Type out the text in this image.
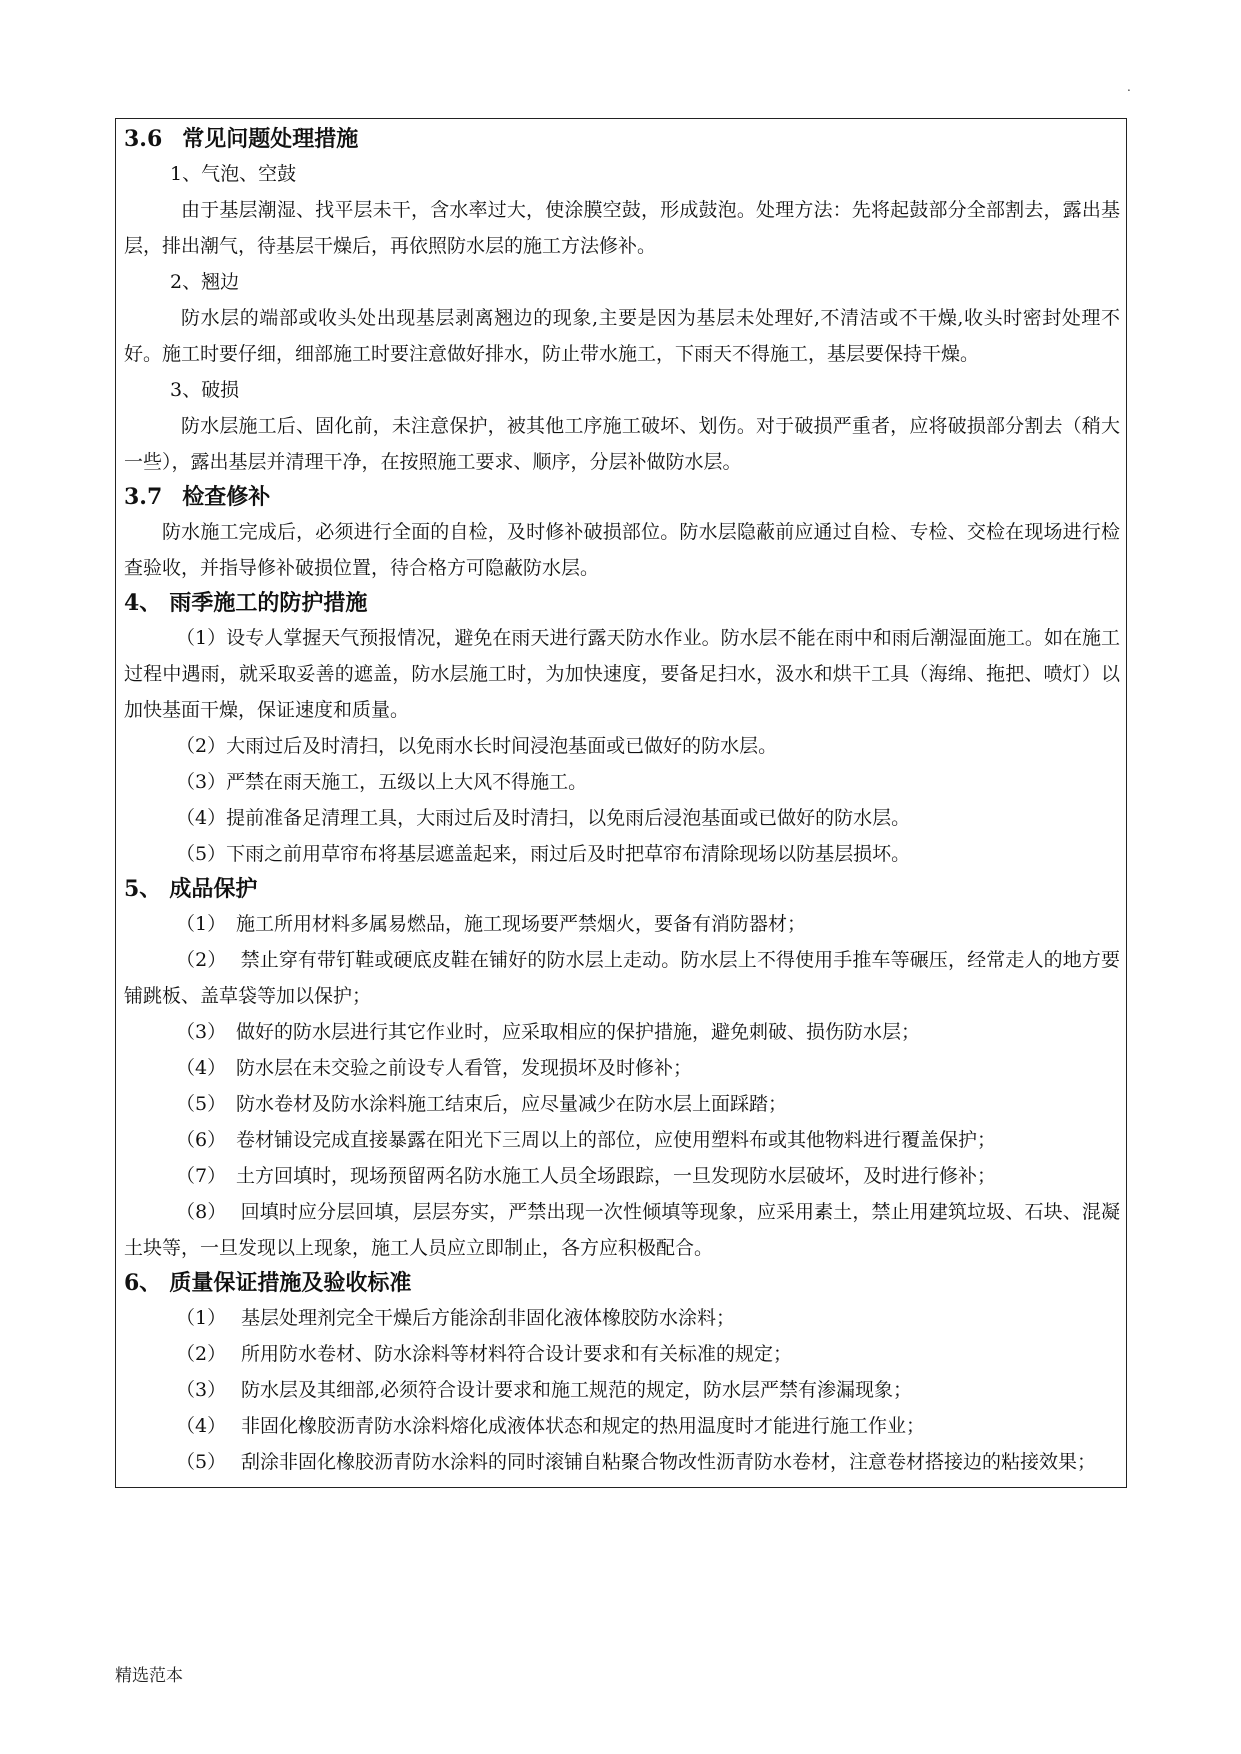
.
3.6 常见问题处理措施
1、气泡、空鼓
由于基层潮湿、找平层未干，含水率过大，使涂膜空鼓，形成鼓泡。处理方法：先将起鼓部分全部割去，露出基层，排出潮气，待基层干燥后，再依照防水层的施工方法修补。
2、翘边
防水层的端部或收头处出现基层剥离翘边的现象,主要是因为基层未处理好,不清洁或不干燥,收头时密封处理不好。施工时要仔细，细部施工时要注意做好排水，防止带水施工，下雨天不得施工，基层要保持干燥。
3、破损
防水层施工后、固化前，未注意保护，被其他工序施工破坏、划伤。对于破损严重者，应将破损部分割去（稍大一些），露出基层并清理干净，在按照施工要求、顺序，分层补做防水层。
3.7 检查修补
防水施工完成后，必须进行全面的自检，及时修补破损部位。防水层隐蔽前应通过自检、专检、交检在现场进行检查验收，并指导修补破损位置，待合格方可隐蔽防水层。
4、 雨季施工的防护措施
（1）设专人掌握天气预报情况，避免在雨天进行露天防水作业。防水层不能在雨中和雨后潮湿面施工。如在施工过程中遇雨，就采取妥善的遮盖，防水层施工时，为加快速度，要备足扫水，汲水和烘干工具（海绵、拖把、喷灯）以加快基面干燥，保证速度和质量。
（2）大雨过后及时清扫，以免雨水长时间浸泡基面或已做好的防水层。
（3）严禁在雨天施工，五级以上大风不得施工。
（4）提前准备足清理工具，大雨过后及时清扫，以免雨后浸泡基面或已做好的防水层。
（5）下雨之前用草帘布将基层遮盖起来，雨过后及时把草帘布清除现场以防基层损坏。
5、 成品保护
（1） 施工所用材料多属易燃品，施工现场要严禁烟火，要备有消防器材；
（2） 禁止穿有带钉鞋或硬底皮鞋在铺好的防水层上走动。防水层上不得使用手推车等碾压，经常走人的地方要铺跳板、盖草袋等加以保护；
（3） 做好的防水层进行其它作业时，应采取相应的保护措施，避免刺破、损伤防水层；
（4） 防水层在未交验之前设专人看管，发现损坏及时修补；
（5） 防水卷材及防水涂料施工结束后，应尽量减少在防水层上面踩踏；
（6） 卷材铺设完成直接暴露在阳光下三周以上的部位，应使用塑料布或其他物料进行覆盖保护；
（7） 土方回填时，现场预留两名防水施工人员全场跟踪，一旦发现防水层破坏，及时进行修补；
（8） 回填时应分层回填，层层夯实，严禁出现一次性倾填等现象，应采用素土，禁止用建筑垃圾、石块、混凝土块等，一旦发现以上现象，施工人员应立即制止，各方应积极配合。
6、 质量保证措施及验收标准
（1） 基层处理剂完全干燥后方能涂刮非固化液体橡胶防水涂料；
（2） 所用防水卷材、防水涂料等材料符合设计要求和有关标准的规定；
（3） 防水层及其细部,必须符合设计要求和施工规范的规定，防水层严禁有渗漏现象；
（4） 非固化橡胶沥青防水涂料熔化成液体状态和规定的热用温度时才能进行施工作业；
（5） 刮涂非固化橡胶沥青防水涂料的同时滚铺自粘聚合物改性沥青防水卷材，注意卷材搭接边的粘接效果；
精选范本
